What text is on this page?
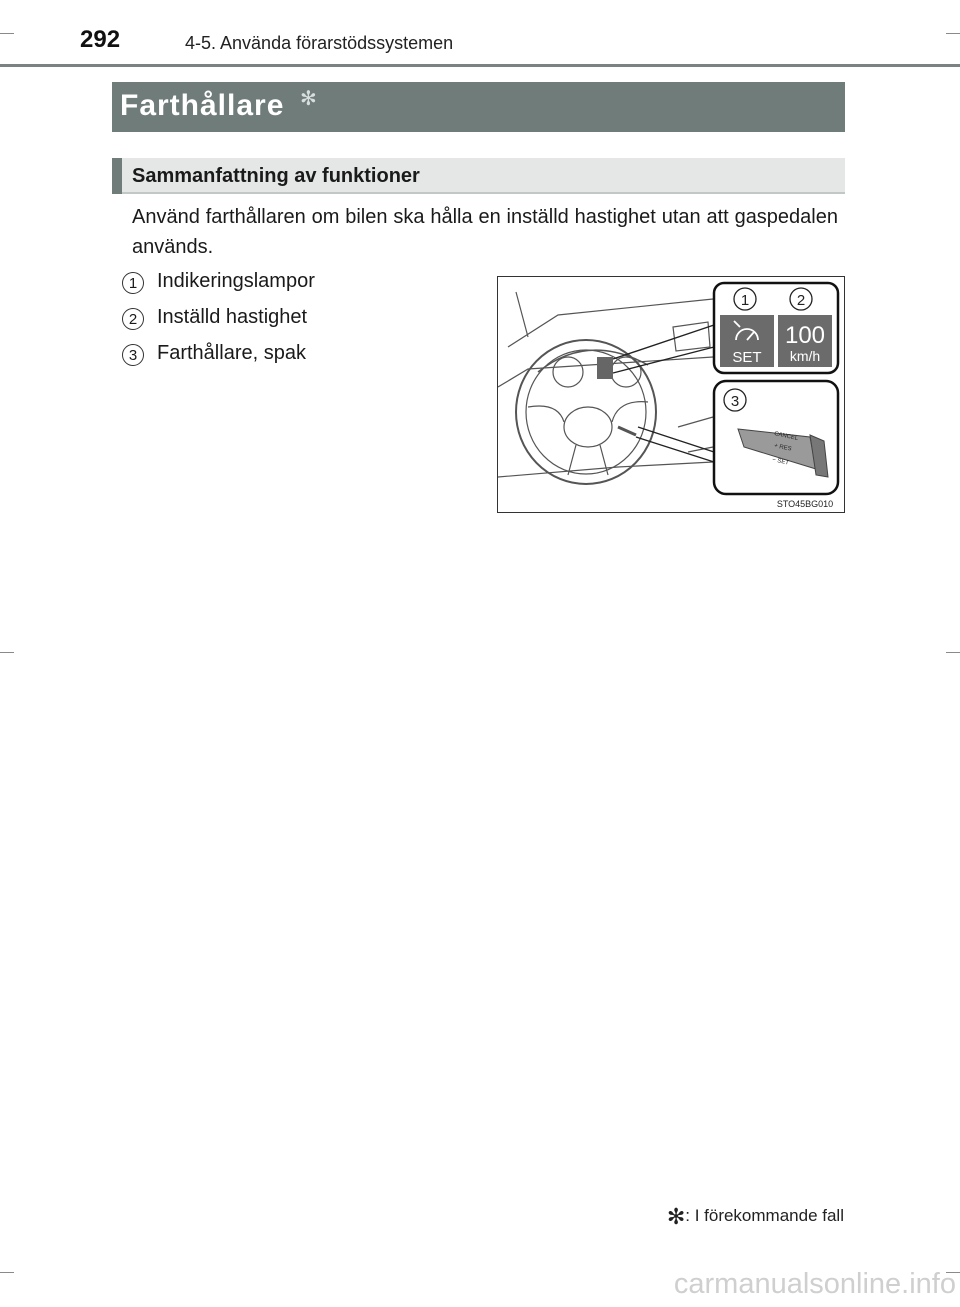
292	4-5. Använda förarstödssystemen
Farthållare ✻
Sammanfattning av funktioner
Använd farthållaren om bilen ska hålla en inställd hastighet utan att gaspedalen används.
1 Indikeringslampor
2 Inställd hastighet
3 Farthållare, spak
1	2
SET
100
km/h
3
CANCEL
+ RES
− SET
STO45BG010
✻: I förekommande fall
carmanualsonline.info
